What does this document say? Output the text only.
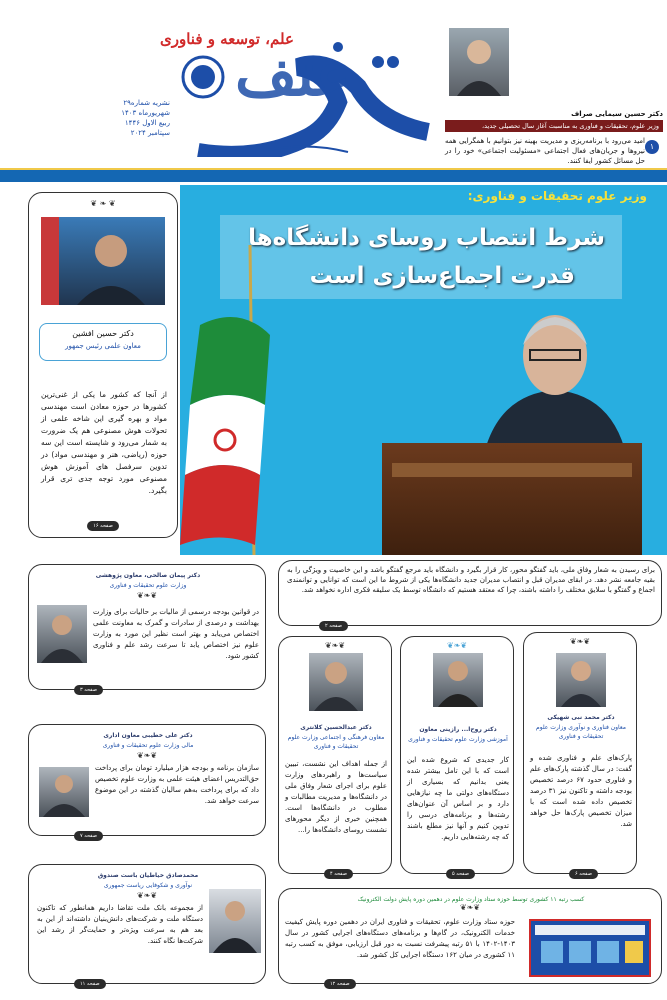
علم، توسعه و فناوری
نشریه شماره۲۹
شهریورماه ۱۴۰۳
ربیع الاول ۱۴۴۶
سپتامبر ۲۰۲۴
دکتر حسین سیمایی صراف
وزیر علوم، تحقیقات و فناوری به مناسبت آغاز سال تحصیلی جدید،
امید می‌رود با برنامه‌ریزی و مدیریت بهینه نیز بتوانیم با همگرایی همه نیروها و جریان‌های فعال اجتماعی «مسئولیت اجتماعی» خود را در حل مسائل کشور ایفا کنند.
۱
وزیر علوم تحقیقات و فناوری:
شرط انتصاب روسای دانشگاه‌ها
قدرت اجماع‌سازی است
❦ ❧ ❦
دکتر حسین افشین
معاون علمی رئیس جمهور
از آنجا که کشور ما یکی از غنی‌ترین کشورها در حوزه معادن است مهندسی مواد و بهره گیری این شاخه علمی از تحولات هوش مصنوعی هم یک ضرورت به شمار می‌رود و شایسته است این سه حوزه (ریاضی، هنر و مهندسی مواد) در تدوین سرفصل های آموزش هوش مصنوعی مورد توجه جدی تری قرار بگیرد.
صفحه ۱۶
برای رسیدن به شعار وفاق ملی، باید گفتگو محور، کار قرار بگیرد و دانشگاه باید مرجع گفتگو باشد و این خاصیت و ویژگی را به بقیه جامعه نشر دهد. در ابقای مدیران قبل و انتصاب مدیران جدید دانشگاه‌ها یکی از شروط ما این است که توانایی و توانمندی اجماع و گفتگو با سلایق مختلف را داشته باشند، چرا که معتقد هستیم که دانشگاه توسط یک سلیقه فکری اداره نخواهد شد.
صفحه ۲
❦❧❦
دکتر محمد نبی شهیکی
معاون فناوری و نوآوری وزارت علوم تحقیقات و فناوری
پارک‌های علم و فناوری شده و گفت: در سال گذشته پارک‌های علم و فناوری حدود ۶۷ درصد تخصیص بودجه داشته و تاکنون نیز ۳۱ درصد تخصیص داده شده است که با میزان تخصیص پارک‌ها حل خواهد شد.
صفحه ۶
❦❧❦
دکتر روح‌ا... رازینی معاون
آموزشی وزارت علوم تحقیقات و فناوری
کار جدیدی که شروع شده این است که با این تامل بیشتر شده یعنی بدانیم که بسیاری از دستگاه‌های دولتی ما چه نیازهایی دارد و بر اساس آن عنوان‌های رشته‌ها و برنامه‌های درسی را تدوین کنیم و آنها نیز مطلع باشند که چه رشته‌هایی داریم.
صفحه ۵
❦❧❦
دکتر عبدالحسین کلانتری
معاون فرهنگی و اجتماعی وزارت علوم تحقیقات و فناوری
از جمله اهداف این نشست، تبیین سیاست‌ها و راهبردهای وزارت علوم برای اجرای شعار وفاق ملی در دانشگاه‌ها و مدیریت مطالبات و مطلوب در دانشگاه‌ها است. همچنین خبری از دیگر محورهای نشست روسای دانشگاه‌ها را...
صفحه ۴
دکتر پیمان صالحی، معاون پژوهشی
وزارت علوم تحقیقات و فناوری
❦❧❦
در قوانین بودجه درسمی از مالیات بر حالیات برای وزارت بهداشت و درصدی از سادرات و گمرک به معاونت علمی اختصاص می‌یابد و بهتر است نظیر این مورد به وزارت علوم نیز اختصاص یابد تا سرعت رشد علم و فناوری کشور شود.
صفحه ۳
دکتر علی خطیبی معاون اداری
مالی وزارت علوم تحقیقات و فناوری
❦❧❦
سازمان برنامه و بودجه هزار میلیارد تومان برای پرداخت حق‌التدریس اعضای هیئت علمی به وزارت علوم تخصیص داد که برای پرداخت به‌هم سالیان گذشته در این موضوع سرعت خواهد شد.
صفحه ۷
محمدصادق خیاطیان باست صندوق
نوآوری و شکوفایی ریاست جمهوری
❦❧❦
از مجموعه بانک ملت تقاضا داریم همانطور که تاکنون دستگاه ملت و شرکت‌های دانش‌بنیان داشته‌اند از این به بعد هم به سرعت ویژه‌تر و حمایت‌گر از رشد این شرکت‌ها نگاه کنند.
صفحه ۱۱
کسب رتبه ۱۱ کشوری توسط حوزه ستاد وزارت علوم در دهمین دوره پایش دولت الکترونیک
❦❧❦
حوزه ستاد وزارت علوم، تحقیقات و فناوری ایران در دهمین دوره پایش کیفیت خدمات الکترونیک، در گام‌ها و برنامه‌های دستگاه‌های اجرایی کشور در سال ۱۴۰۳-۱۴۰۲ با ۵۱ رتبه پیشرفت نسبت به دور قبل ارزیابی، موفق به کسب رتبه ۱۱ کشوری در میان ۱۶۲ دستگاه اجرایی کل کشور شد.
صفحه ۱۲
عتف
